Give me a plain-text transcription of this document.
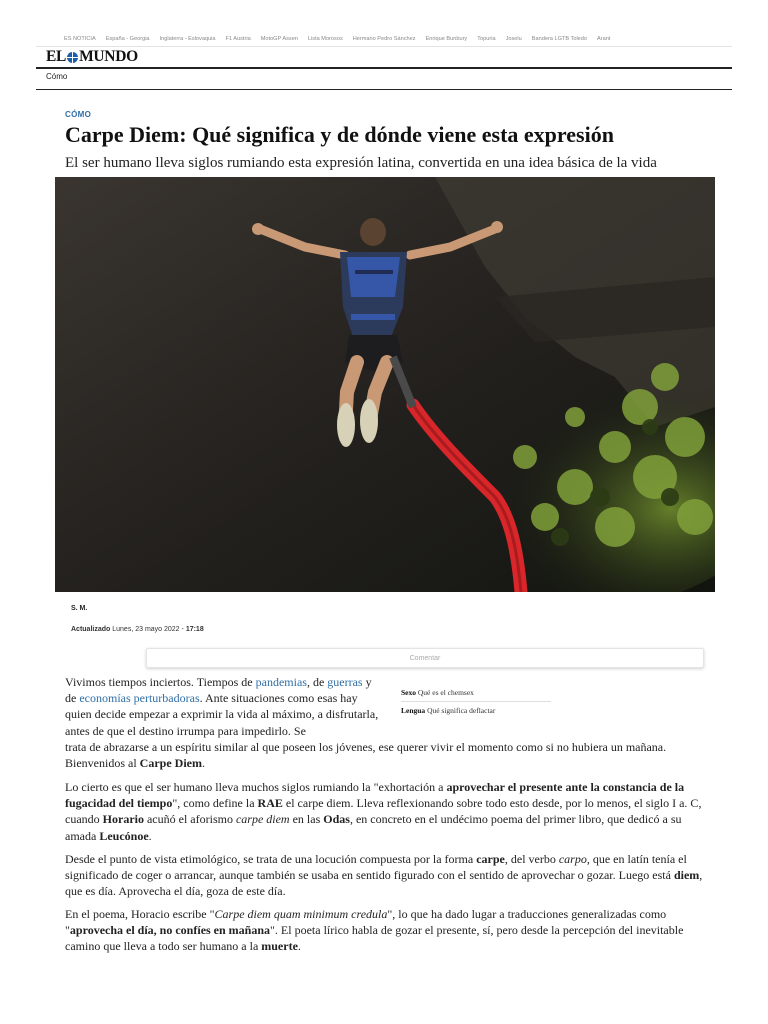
ES NOTICIA España - Georgia Inglaterra - Eslovaquia F1 Austria MotoGP Assen Lista Morosos Hermano Pedro Sánchez Enrique Bunbury Topuria Joselu Bandera LGTB Toledo Arant
EL MUNDO
Cómo
CÓMO
Carpe Diem: Qué significa y de dónde viene esta expresión
El ser humano lleva siglos rumiando esta expresión latina, convertida en una idea básica de la vida
S. M.
Actualizado Lunes, 23 mayo 2022 - 17:18
Comentar
Sexo Qué es el chemsex
Lengua Qué significa deflactar

Vivimos tiempos inciertos. Tiempos de pandemias, de guerras y de economías perturbadoras. Ante situaciones como esas hay quien decide empezar a exprimir la vida al máximo, a disfrutarla, antes de que el destino irrumpa para impedirlo. Se

trata de abrazarse a un espíritu similar al que poseen los jóvenes, ese querer vivir el momento como si no hubiera un mañana. Bienvenidos al Carpe Diem.

Lo cierto es que el ser humano lleva muchos siglos rumiando la "exhortación a aprovechar el presente ante la constancia de la fugacidad del tiempo", como define la RAE el carpe diem. Lleva reflexionando sobre todo esto desde, por lo menos, el siglo I a. C, cuando Horario acuñó el aforismo carpe diem en las Odas, en concreto en el undécimo poema del primer libro, que dedicó a su amada Leucónoe.

Desde el punto de vista etimológico, se trata de una locución compuesta por la forma carpe, del verbo carpo, que en latín tenía el significado de coger o arrancar, aunque también se usaba en sentido figurado con el sentido de aprovechar o gozar. Luego está diem, que es día. Aprovecha el día, goza de este día.

En el poema, Horacio escribe "Carpe diem quam minimum credula", lo que ha dado lugar a traducciones generalizadas como "aprovecha el día, no confíes en mañana". El poeta lírico habla de gozar el presente, sí, pero desde la percepción del inevitable camino que lleva a todo ser humano a la muerte.
